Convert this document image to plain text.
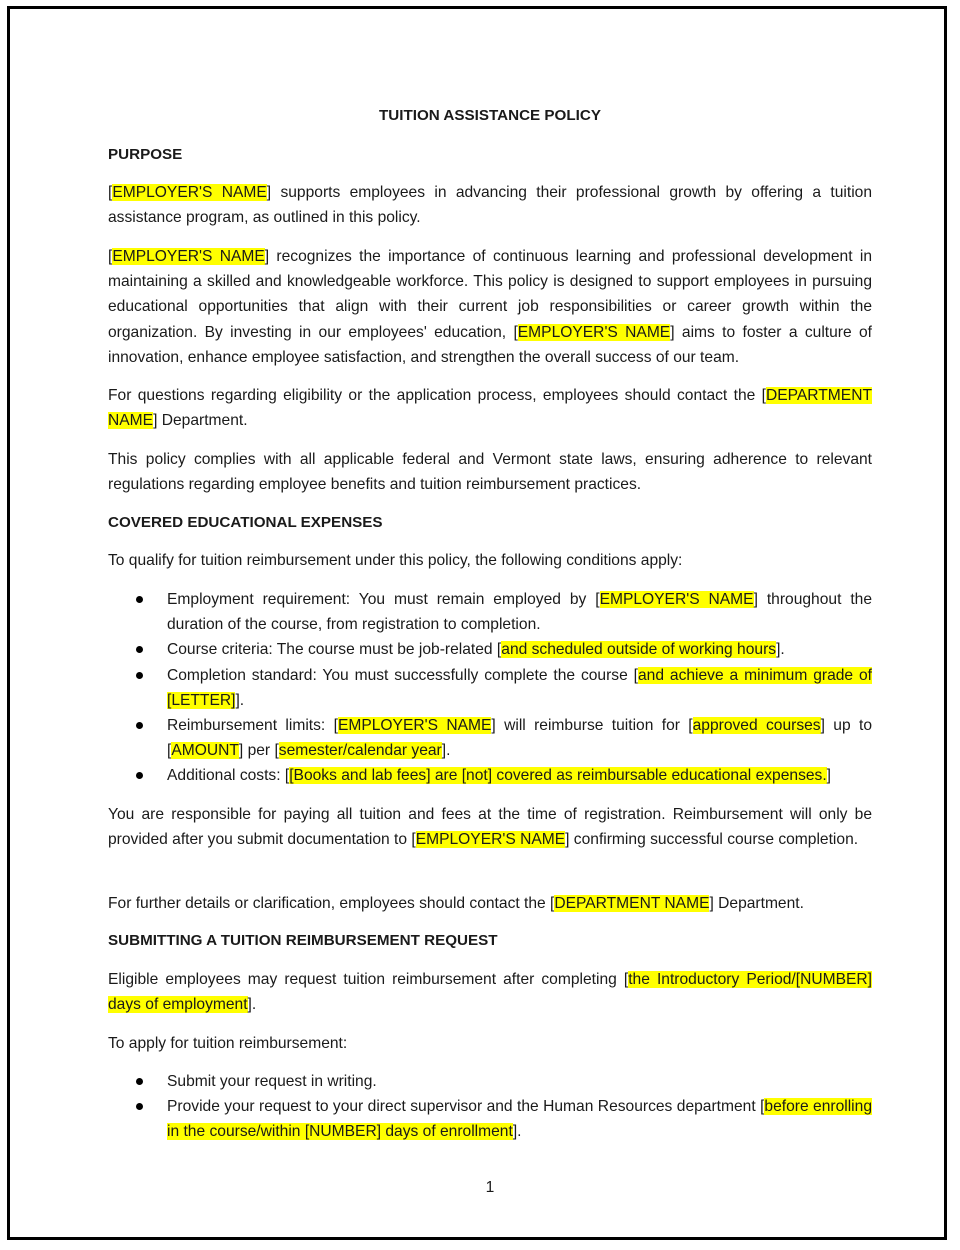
TUITION ASSISTANCE POLICY
PURPOSE

[EMPLOYER'S NAME] supports employees in advancing their professional growth by offering a tuition assistance program, as outlined in this policy.

[EMPLOYER'S NAME] recognizes the importance of continuous learning and professional development in maintaining a skilled and knowledgeable workforce. This policy is designed to support employees in pursuing educational opportunities that align with their current job responsibilities or career growth within the organization. By investing in our employees' education, [EMPLOYER'S NAME] aims to foster a culture of innovation, enhance employee satisfaction, and strengthen the overall success of our team.

For questions regarding eligibility or the application process, employees should contact the [DEPARTMENT NAME] Department.

This policy complies with all applicable federal and Vermont state laws, ensuring adherence to relevant regulations regarding employee benefits and tuition reimbursement practices.

COVERED EDUCATIONAL EXPENSES

To qualify for tuition reimbursement under this policy, the following conditions apply:

Employment requirement: You must remain employed by [EMPLOYER'S NAME] throughout the duration of the course, from registration to completion.
Course criteria: The course must be job-related [and scheduled outside of working hours].
Completion standard: You must successfully complete the course [and achieve a minimum grade of [LETTER]].
Reimbursement limits: [EMPLOYER'S NAME] will reimburse tuition for [approved courses] up to [AMOUNT] per [semester/calendar year].
Additional costs: [[Books and lab fees] are [not] covered as reimbursable educational expenses.]

You are responsible for paying all tuition and fees at the time of registration. Reimbursement will only be provided after you submit documentation to [EMPLOYER'S NAME] confirming successful course completion.

For further details or clarification, employees should contact the [DEPARTMENT NAME] Department.

SUBMITTING A TUITION REIMBURSEMENT REQUEST

Eligible employees may request tuition reimbursement after completing [the Introductory Period/[NUMBER] days of employment].

To apply for tuition reimbursement:

Submit your request in writing.
Provide your request to your direct supervisor and the Human Resources department [before enrolling in the course/within [NUMBER] days of enrollment].
1
